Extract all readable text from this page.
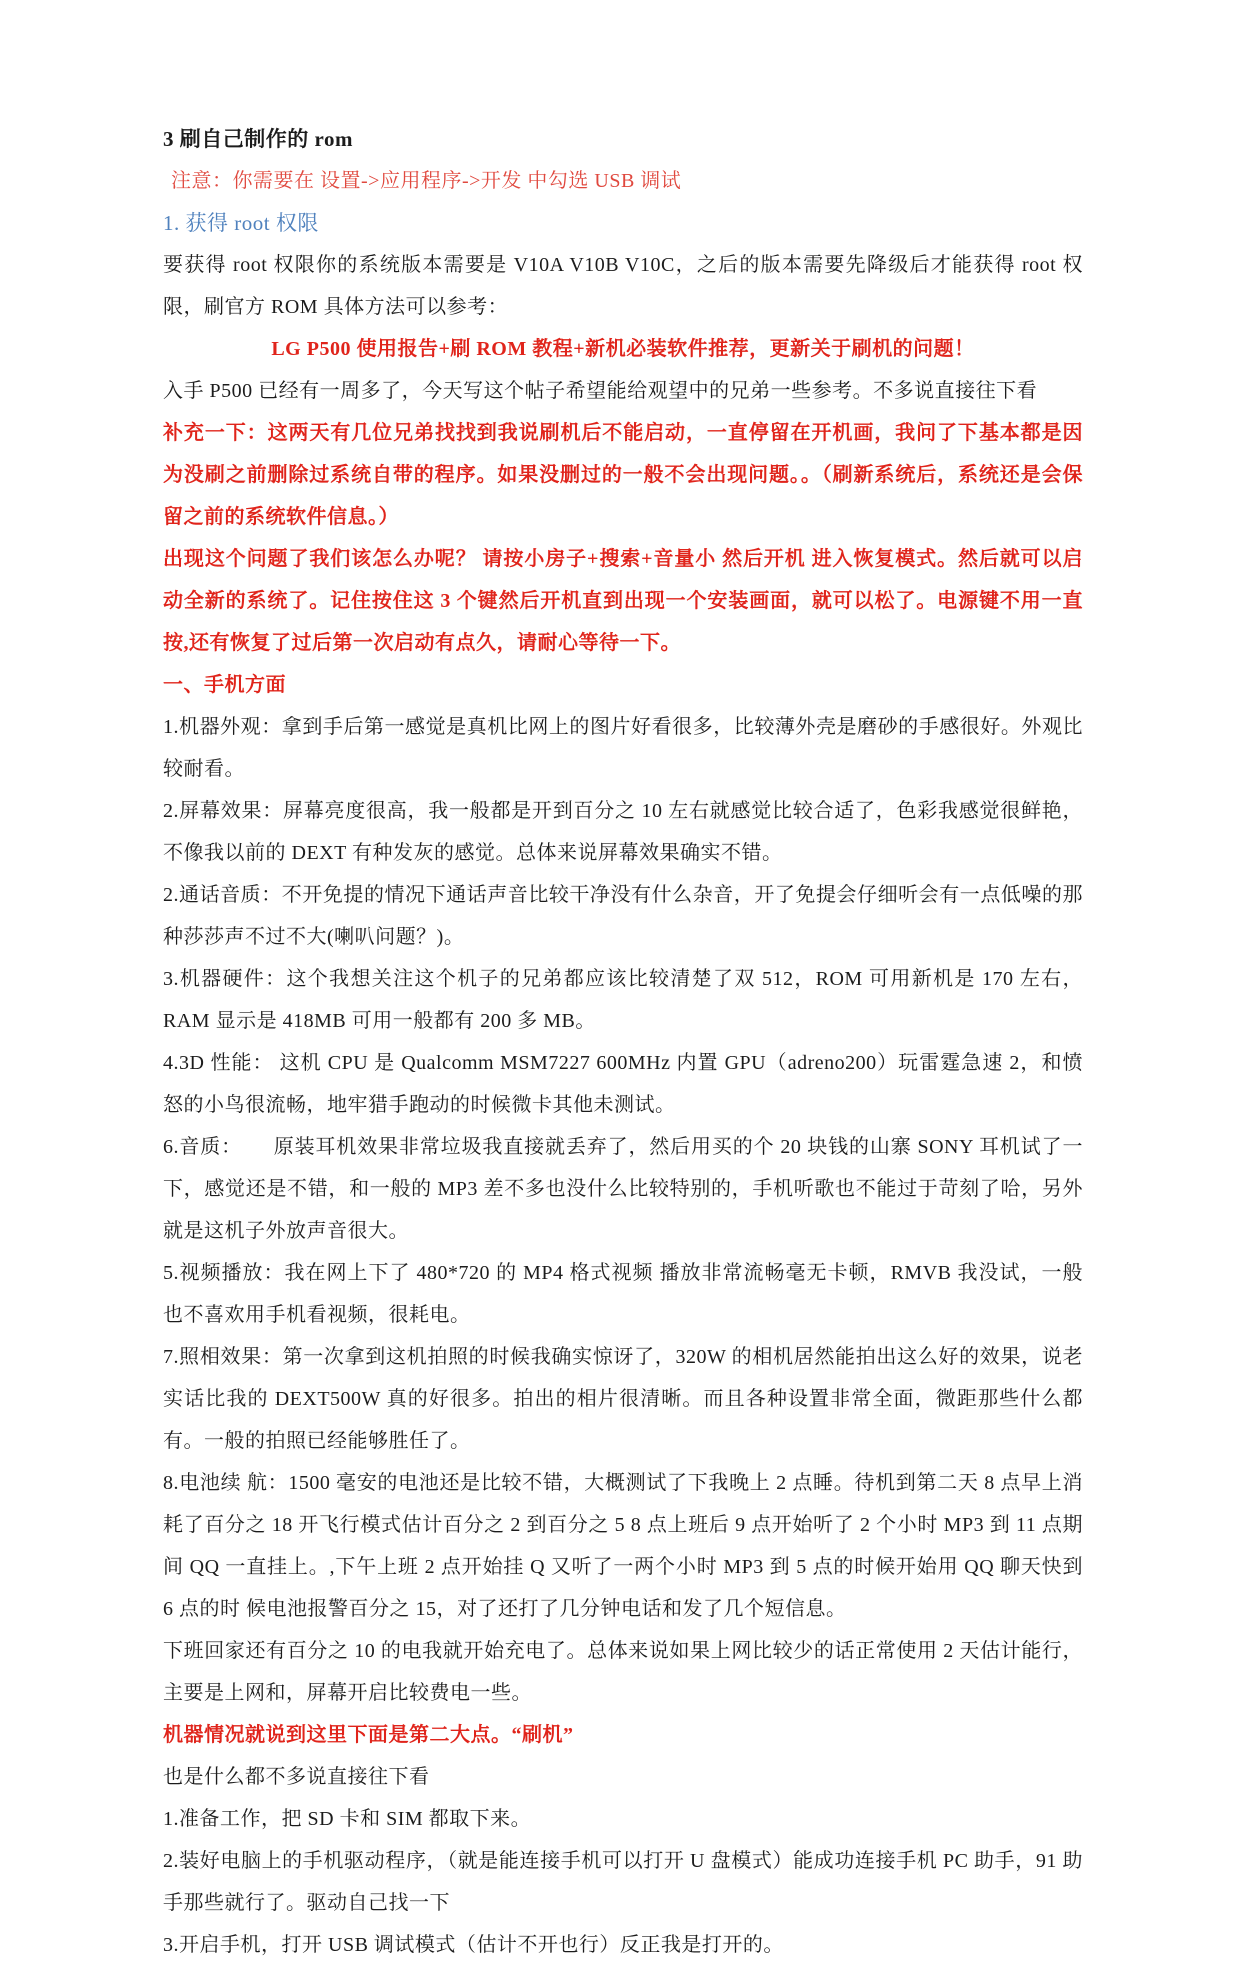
3 刷自己制作的 rom

注意：你需要在 设置->应用程序->开发 中勾选 USB 调试

1. 获得 root 权限

要获得 root 权限你的系统版本需要是 V10A V10B V10C，之后的版本需要先降级后才能获得 root 权限，刷官方 ROM 具体方法可以参考：

LG P500 使用报告+刷 ROM 教程+新机必装软件推荐，更新关于刷机的问题！

入手 P500 已经有一周多了，今天写这个帖子希望能给观望中的兄弟一些参考。不多说直接往下看

补充一下：这两天有几位兄弟找找到我说刷机后不能启动，一直停留在开机画，我问了下基本都是因为没刷之前删除过系统自带的程序。如果没删过的一般不会出现问题。。（刷新系统后，系统还是会保留之前的系统软件信息。）

出现这个问题了我们该怎么办呢？ 请按小房子+搜索+音量小 然后开机 进入恢复模式。然后就可以启动全新的系统了。记住按住这 3 个键然后开机直到出现一个安装画面，就可以松了。电源键不用一直按,还有恢复了过后第一次启动有点久，请耐心等待一下。

一、手机方面

1.机器外观：拿到手后第一感觉是真机比网上的图片好看很多，比较薄外壳是磨砂的手感很好。外观比较耐看。

2.屏幕效果：屏幕亮度很高，我一般都是开到百分之 10 左右就感觉比较合适了，色彩我感觉很鲜艳，不像我以前的 DEXT 有种发灰的感觉。总体来说屏幕效果确实不错。

2.通话音质：不开免提的情况下通话声音比较干净没有什么杂音，开了免提会仔细听会有一点低噪的那种莎莎声不过不大(喇叭问题？)。

3.机器硬件：这个我想关注这个机子的兄弟都应该比较清楚了双 512，ROM 可用新机是 170 左右，RAM 显示是 418MB 可用一般都有 200 多 MB。

4.3D 性能： 这机 CPU 是 Qualcomm MSM7227 600MHz 内置 GPU（adreno200）玩雷霆急速 2，和愤怒的小鸟很流畅，地牢猎手跑动的时候微卡其他未测试。

6.音质：　　原装耳机效果非常垃圾我直接就丢弃了，然后用买的个 20 块钱的山寨 SONY 耳机试了一下，感觉还是不错，和一般的 MP3 差不多也没什么比较特别的，手机听歌也不能过于苛刻了哈，另外就是这机子外放声音很大。

5.视频播放：我在网上下了 480*720 的 MP4 格式视频 播放非常流畅毫无卡顿，RMVB 我没试，一般也不喜欢用手机看视频，很耗电。

7.照相效果：第一次拿到这机拍照的时候我确实惊讶了，320W 的相机居然能拍出这么好的效果，说老实话比我的 DEXT500W 真的好很多。拍出的相片很清晰。而且各种设置非常全面，微距那些什么都有。一般的拍照已经能够胜任了。

8.电池续 航：1500 毫安的电池还是比较不错，大概测试了下我晚上 2 点睡。待机到第二天 8 点早上消耗了百分之 18 开飞行模式估计百分之 2 到百分之 5 8 点上班后 9 点开始听了 2 个小时 MP3 到 11 点期间 QQ 一直挂上。,下午上班 2 点开始挂 Q 又听了一两个小时 MP3 到 5 点的时候开始用 QQ 聊天快到 6 点的时 候电池报警百分之 15，对了还打了几分钟电话和发了几个短信息。

下班回家还有百分之 10 的电我就开始充电了。总体来说如果上网比较少的话正常使用 2 天估计能行，主要是上网和，屏幕开启比较费电一些。

机器情况就说到这里下面是第二大点。“刷机”

也是什么都不多说直接往下看

1.准备工作，把 SD 卡和 SIM 都取下来。

2.装好电脑上的手机驱动程序，（就是能连接手机可以打开 U 盘模式）能成功连接手机 PC 助手，91 助手那些就行了。驱动自己找一下

3.开启手机，打开 USB 调试模式（估计不开也行）反正我是打开的。
